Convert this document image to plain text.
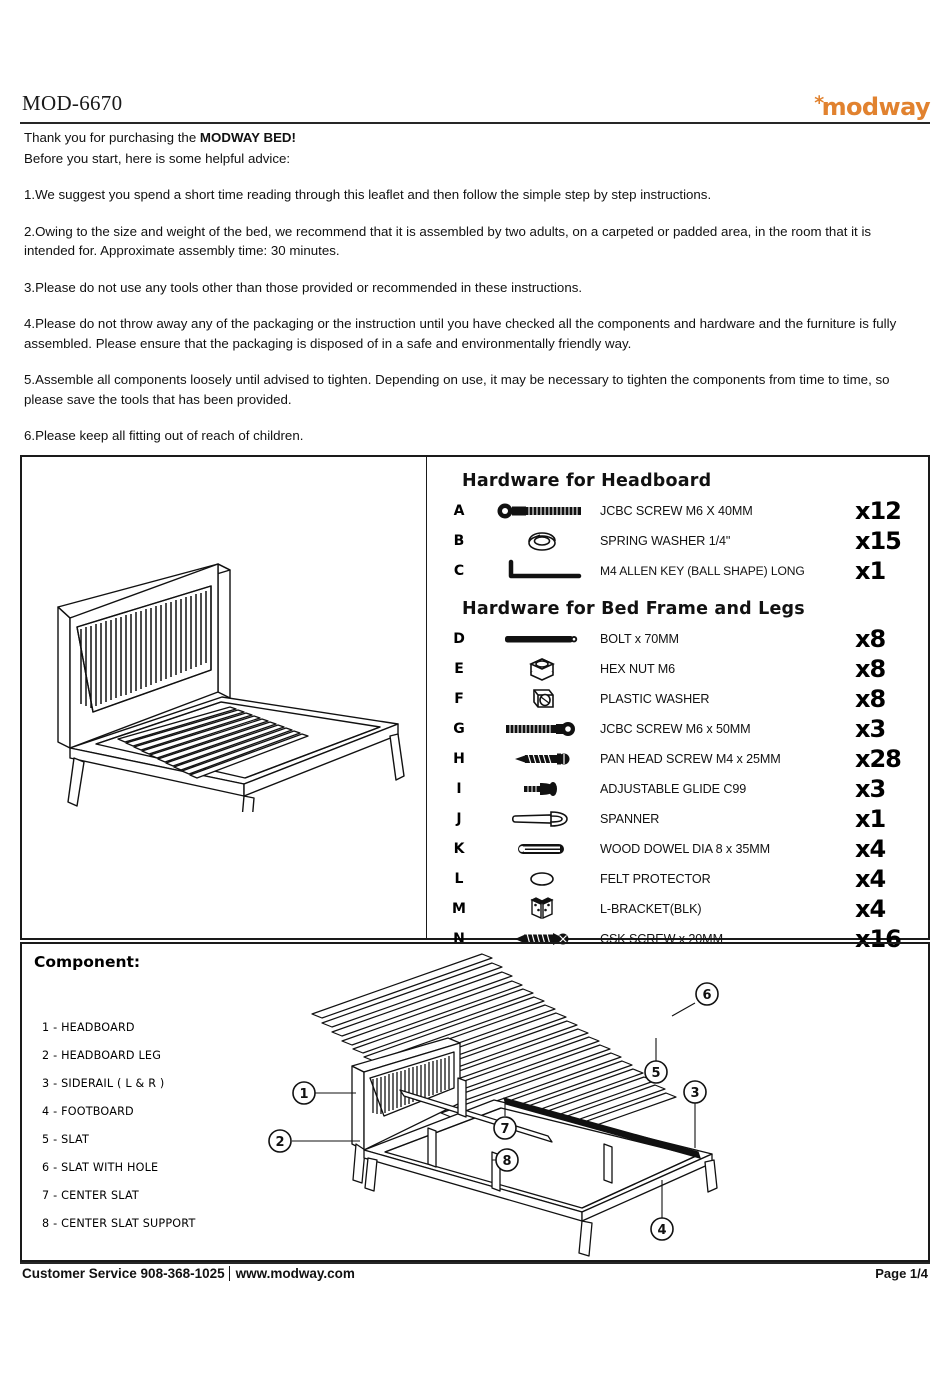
MOD-6670	*modway
Thank you for purchasing the MODWAY BED!
Before you start, here is some helpful advice:

1.We suggest you spend a short time reading through this leaflet and then follow the simple step by step instructions.

2.Owing to the size and weight of the bed, we recommend that it is assembled by two adults, on a carpeted or padded area, in the room that it is intended for. Approximate assembly time: 30 minutes.

3.Please do not use any tools other than those provided or recommended in these instructions.

4.Please do not throw away any of the packaging or the instruction until you have checked all the components and hardware and the furniture is fully assembled. Please ensure that the packaging is disposed of in a safe and environmentally friendly way.

5.Assemble all components loosely until advised to tighten. Depending on use, it may be necessary to tighten the components from time to time, so please save the tools that has been provided.

6.Please keep all fitting out of reach of children.

Hardware for Headboard
A	JCBC SCREW M6 X 40MM	x12
B	SPRING WASHER 1/4"	x15
C	M4 ALLEN KEY (BALL SHAPE) LONG	x1
Hardware for Bed Frame and Legs
D	BOLT x 70MM	x8
E	HEX NUT M6	x8
F	PLASTIC WASHER	x8
G	JCBC SCREW M6 x 50MM	x3
H	PAN HEAD SCREW M4 x 25MM	x28
I	ADJUSTABLE GLIDE C99	x3
J	SPANNER	x1
K	WOOD DOWEL DIA 8 x 35MM	x4
L	FELT PROTECTOR	x4
M	L-BRACKET(BLK)	x4
N	CSK SCREW x 20MM	x16
Component:
1 - HEADBOARD
2 - HEADBOARD LEG
3 - SIDERAIL ( L & R )
4 - FOOTBOARD
5 - SLAT
6 - SLAT WITH HOLE
7 - CENTER SLAT
8 - CENTER SLAT SUPPORT
1
2
3
4
5
6
7
8
Customer Service 908-368-1025 www.modway.com	Page 1/4
